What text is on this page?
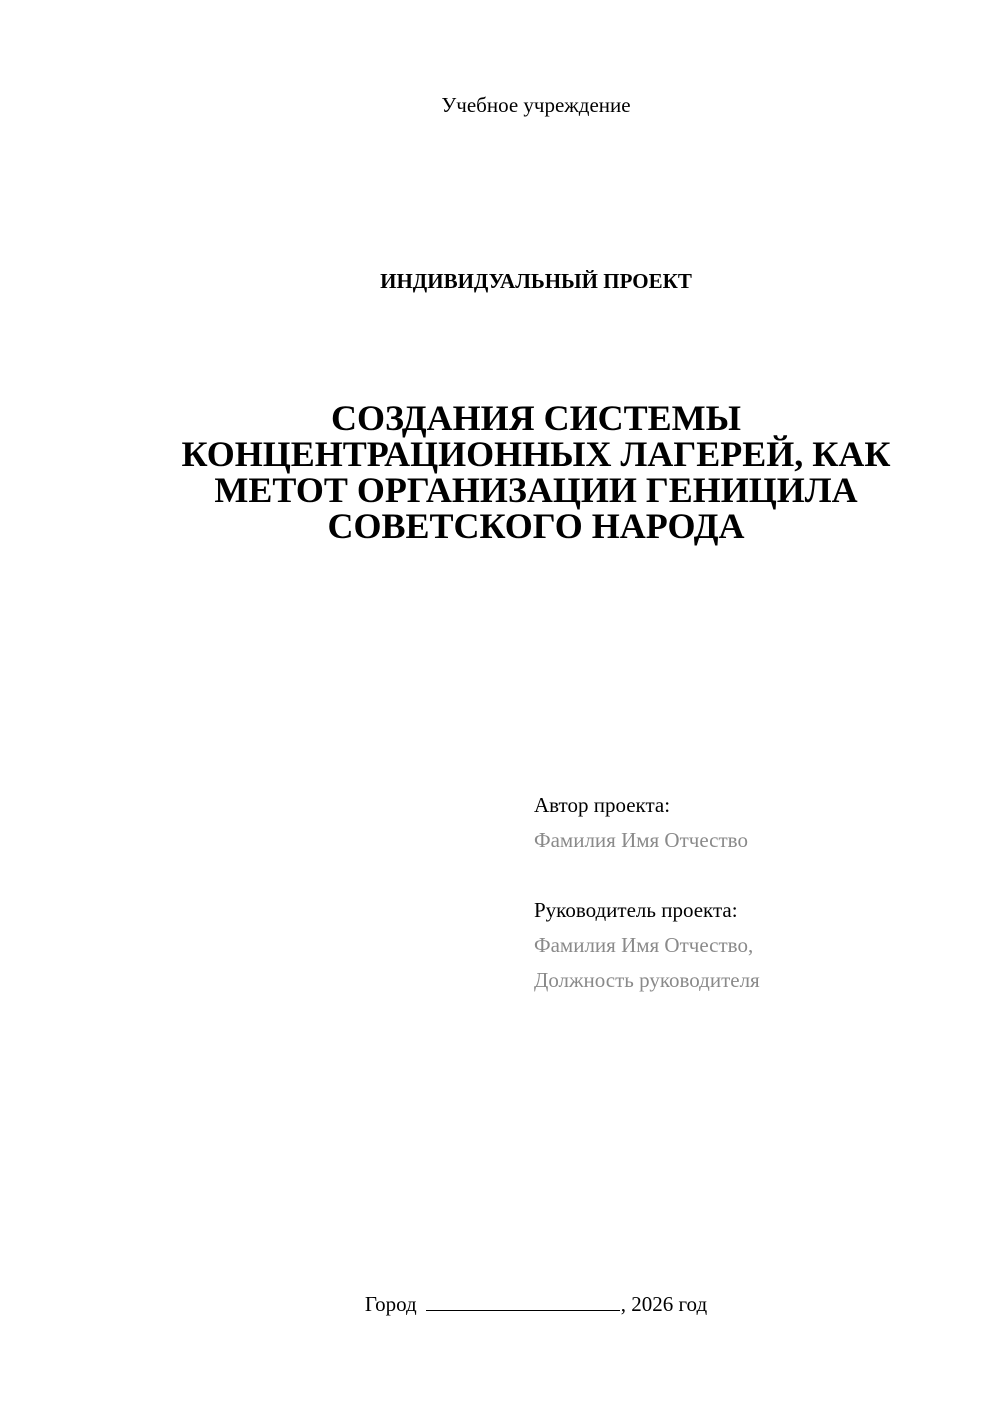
Учебное учреждение
ИНДИВИДУАЛЬНЫЙ ПРОЕКТ
СОЗДАНИЯ СИСТЕМЫ
КОНЦЕНТРАЦИОННЫХ ЛАГЕРЕЙ, КАК
МЕТОТ ОРГАНИЗАЦИИ ГЕНИЦИЛА
СОВЕТСКОГО НАРОДА
Автор проекта:
Фамилия Имя Отчество
Руководитель проекта:
Фамилия Имя Отчество,
Должность руководителя
Город	, 2026 год
